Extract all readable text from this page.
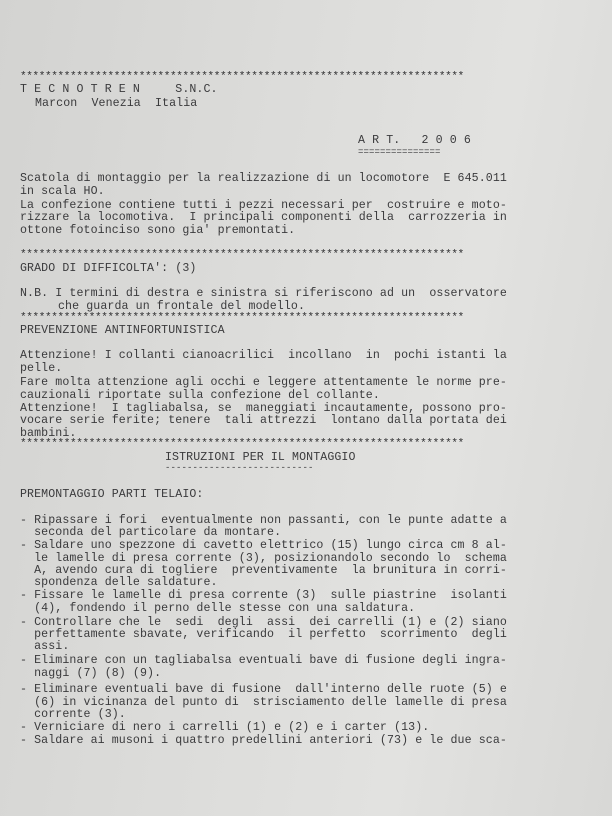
***********************************************************************
T E C N O T R E N     S.N.C.
Marcon  Venezia  Italia
A R T.   2 0 0 6
===============
Scatola di montaggio per la realizzazione di un locomotore  E 645.011
in scala HO.
La confezione contiene tutti i pezzi necessari per  costruire e moto-
rizzare la locomotiva.  I principali componenti della  carrozzeria in
ottone fotoinciso sono gia' premontati.
***********************************************************************
GRADO DI DIFFICOLTA': (3)
N.B. I termini di destra e sinistra si riferiscono ad un  osservatore
che guarda un frontale del modello.
***********************************************************************
PREVENZIONE ANTINFORTUNISTICA
Attenzione! I collanti cianoacrilici  incollano  in  pochi istanti la
pelle.
Fare molta attenzione agli occhi e leggere attentamente le norme pre-
cauzionali riportate sulla confezione del collante.
Attenzione!  I tagliabalsa, se  maneggiati incautamente, possono pro-
vocare serie ferite; tenere  tali attrezzi  lontano dalla portata dei
bambini.
***********************************************************************
ISTRUZIONI PER IL MONTAGGIO
---------------------------
PREMONTAGGIO PARTI TELAIO:
- Ripassare i fori  eventualmente non passanti, con le punte adatte a
seconda del particolare da montare.
- Saldare uno spezzone di cavetto elettrico (15) lungo circa cm 8 al-
le lamelle di presa corrente (3), posizionandolo secondo lo  schema
A, avendo cura di togliere  preventivamente  la brunitura in corri-
spondenza delle saldature.
- Fissare le lamelle di presa corrente (3)  sulle piastrine  isolanti
(4), fondendo il perno delle stesse con una saldatura.
- Controllare che le  sedi  degli  assi  dei carrelli (1) e (2) siano
perfettamente sbavate, verificando  il perfetto  scorrimento  degli
assi.
- Eliminare con un tagliabalsa eventuali bave di fusione degli ingra-
naggi (7) (8) (9).
- Eliminare eventuali bave di fusione  dall'interno delle ruote (5) e
(6) in vicinanza del punto di  strisciamento delle lamelle di presa
corrente (3).
- Verniciare di nero i carrelli (1) e (2) e i carter (13).
- Saldare ai musoni i quattro predellini anteriori (73) e le due sca-
